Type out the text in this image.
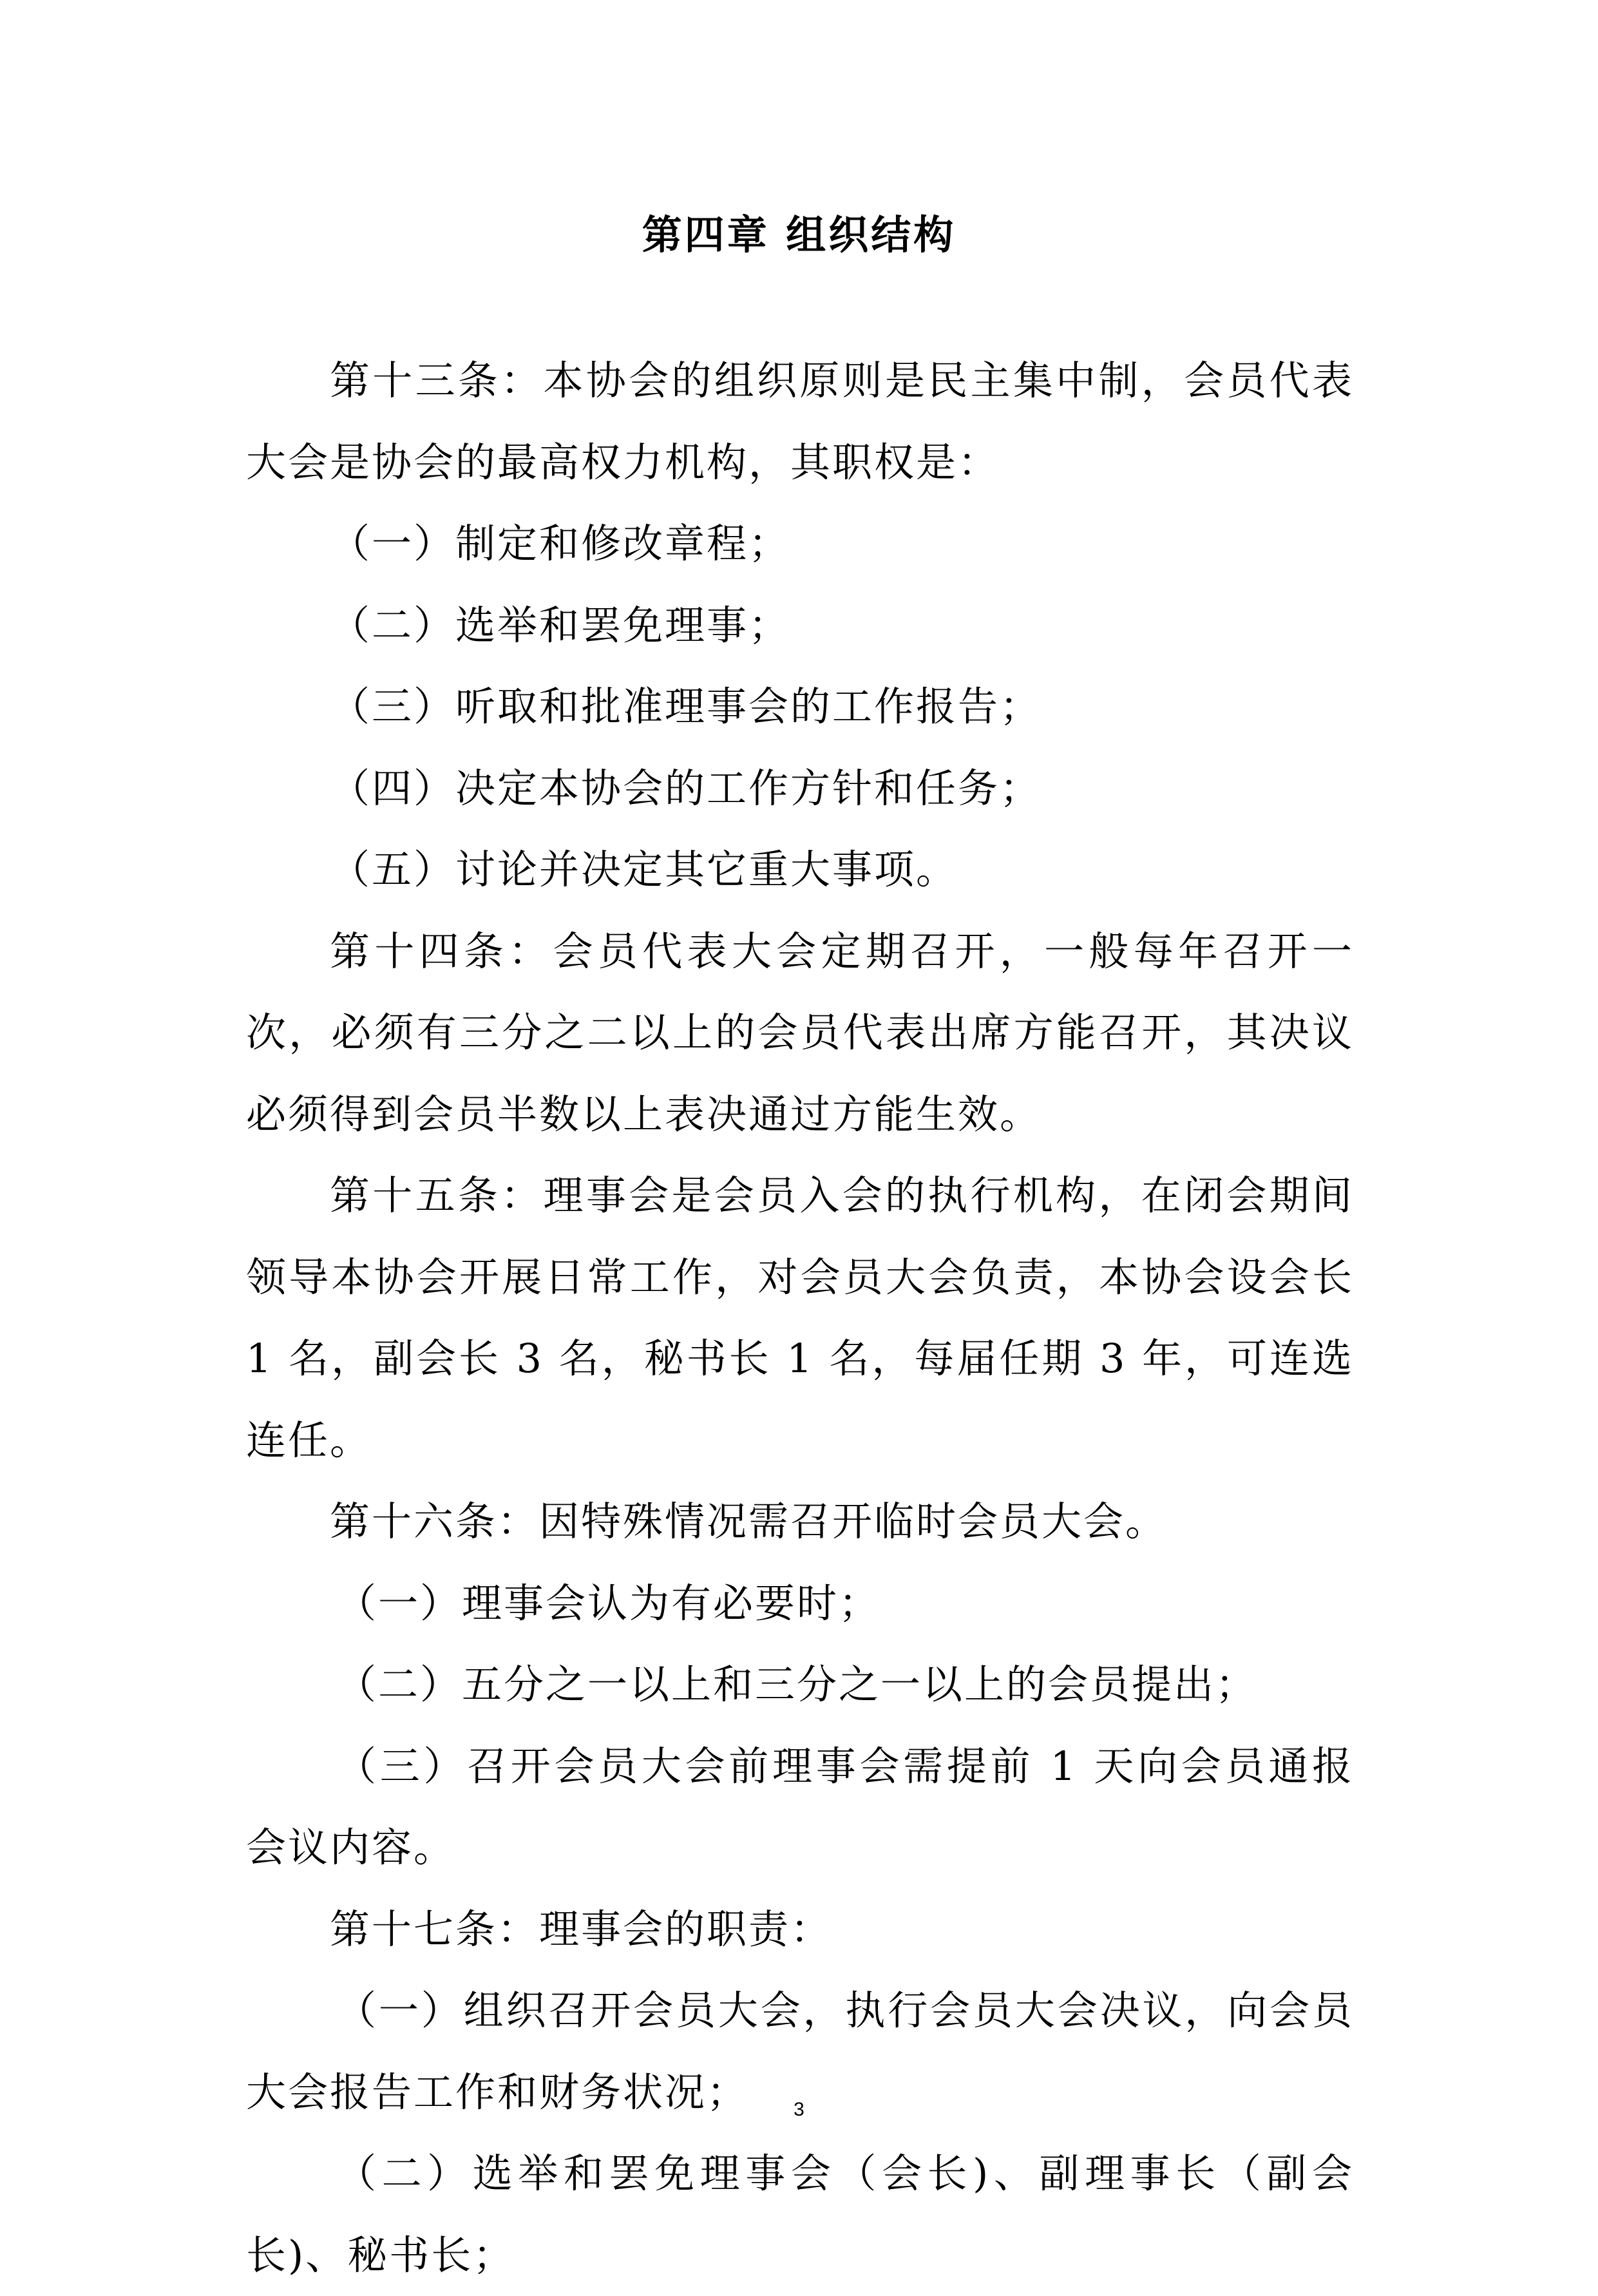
第四章 组织结构

第十三条：本协会的组织原则是民主集中制，会员代表大会是协会的最高权力机构，其职权是：

（一）制定和修改章程；

（二）选举和罢免理事；

（三）听取和批准理事会的工作报告；

（四）决定本协会的工作方针和任务；

（五）讨论并决定其它重大事项。

第十四条：会员代表大会定期召开，一般每年召开一次，必须有三分之二以上的会员代表出席方能召开，其决议必须得到会员半数以上表决通过方能生效。

第十五条：理事会是会员入会的执行机构，在闭会期间领导本协会开展日常工作，对会员大会负责，本协会设会长 1 名，副会长 3 名，秘书长 1 名，每届任期 3 年，可连选连任。

第十六条：因特殊情况需召开临时会员大会。

（一）理事会认为有必要时；

（二）五分之一以上和三分之一以上的会员提出；

（三）召开会员大会前理事会需提前 1 天向会员通报会议内容。

第十七条：理事会的职责：

（一）组织召开会员大会，执行会员大会决议，向会员大会报告工作和财务状况；

（二）选举和罢免理事会（会长)、副理事长（副会长)、秘书长；

3
